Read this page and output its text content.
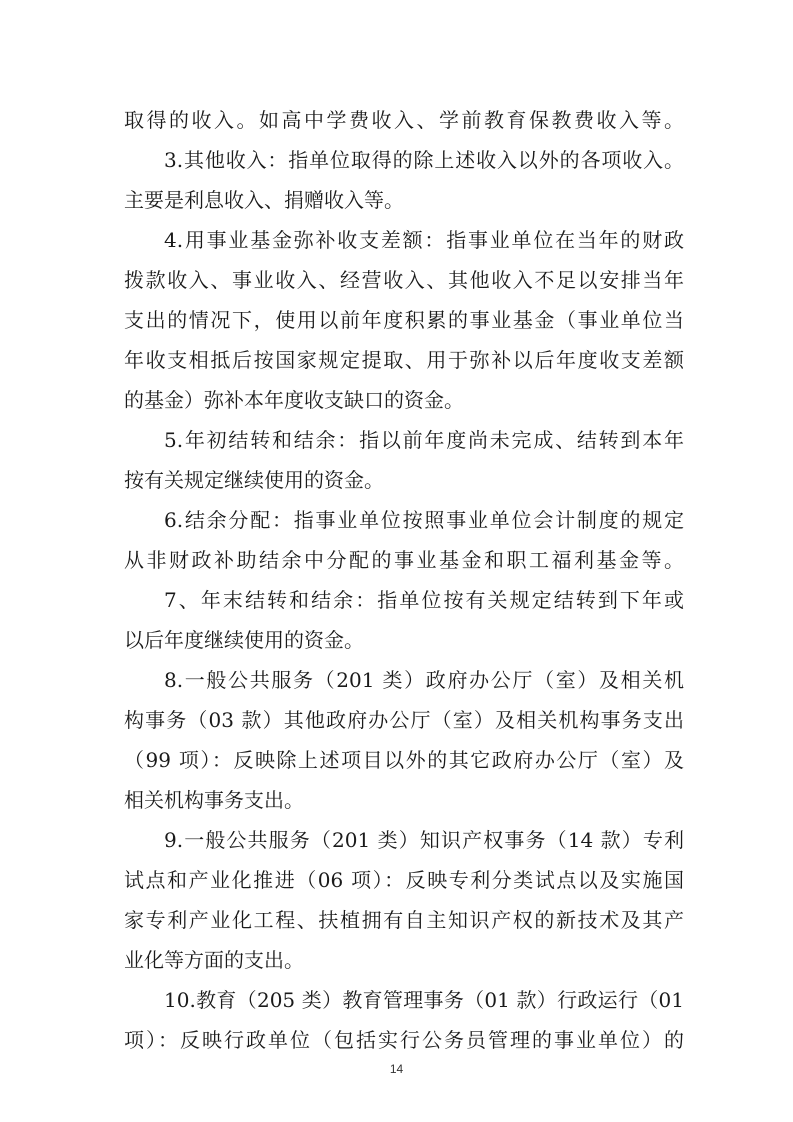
取得的收入。如高中学费收入、学前教育保教费收入等。
3.其他收入：指单位取得的除上述收入以外的各项收入。
主要是利息收入、捐赠收入等。
4.用事业基金弥补收支差额：指事业单位在当年的财政
拨款收入、事业收入、经营收入、其他收入不足以安排当年
支出的情况下，使用以前年度积累的事业基金（事业单位当
年收支相抵后按国家规定提取、用于弥补以后年度收支差额
的基金）弥补本年度收支缺口的资金。
5.年初结转和结余：指以前年度尚未完成、结转到本年
按有关规定继续使用的资金。
6.结余分配：指事业单位按照事业单位会计制度的规定
从非财政补助结余中分配的事业基金和职工福利基金等。
7、年末结转和结余：指单位按有关规定结转到下年或
以后年度继续使用的资金。
8.一般公共服务（201 类）政府办公厅（室）及相关机
构事务（03 款）其他政府办公厅（室）及相关机构事务支出
（99 项）：反映除上述项目以外的其它政府办公厅（室）及
相关机构事务支出。
9.一般公共服务（201 类）知识产权事务（14 款）专利
试点和产业化推进（06 项）：反映专利分类试点以及实施国
家专利产业化工程、扶植拥有自主知识产权的新技术及其产
业化等方面的支出。
10.教育（205 类）教育管理事务（01 款）行政运行（01
项）：反映行政单位（包括实行公务员管理的事业单位）的
14
